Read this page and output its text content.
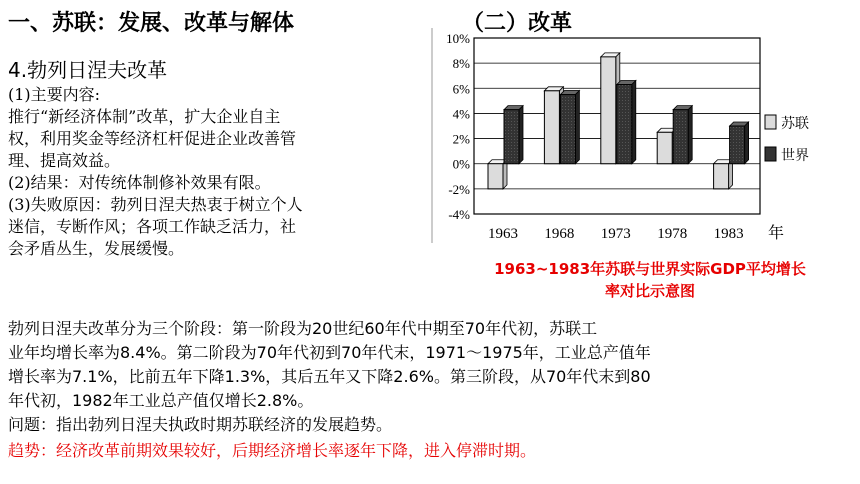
一、苏联：发展、改革与解体	（二）改革
4.勃列日涅夫改革
(1)主要内容:
推行“新经济体制”改革，扩大企业自主
权，利用奖金等经济杠杆促进企业改善管
理、提高效益。
(2)结果：对传统体制修补效果有限。
(3)失败原因：勃列日涅夫热衷于树立个人
迷信，专断作风；各项工作缺乏活力，社
会矛盾丛生，发展缓慢。
10%
8%
6%
4%
2%
0%
-2%
-4%
1963 1968 1973 1978 1983 年
苏联
世界
1963~1983年苏联与世界实际GDP平均增长
率对比示意图
勃列日涅夫改革分为三个阶段：第一阶段为20世纪60年代中期至70年代初，苏联工
业年均增长率为8.4%。第二阶段为70年代初到70年代末，1971～1975年，工业总产值年
增长率为7.1%，比前五年下降1.3%，其后五年又下降2.6%。第三阶段，从70年代末到80
年代初，1982年工业总产值仅增长2.8%。
问题：指出勃列日涅夫执政时期苏联经济的发展趋势。
趋势：经济改革前期效果较好，后期经济增长率逐年下降，进入停滞时期。
